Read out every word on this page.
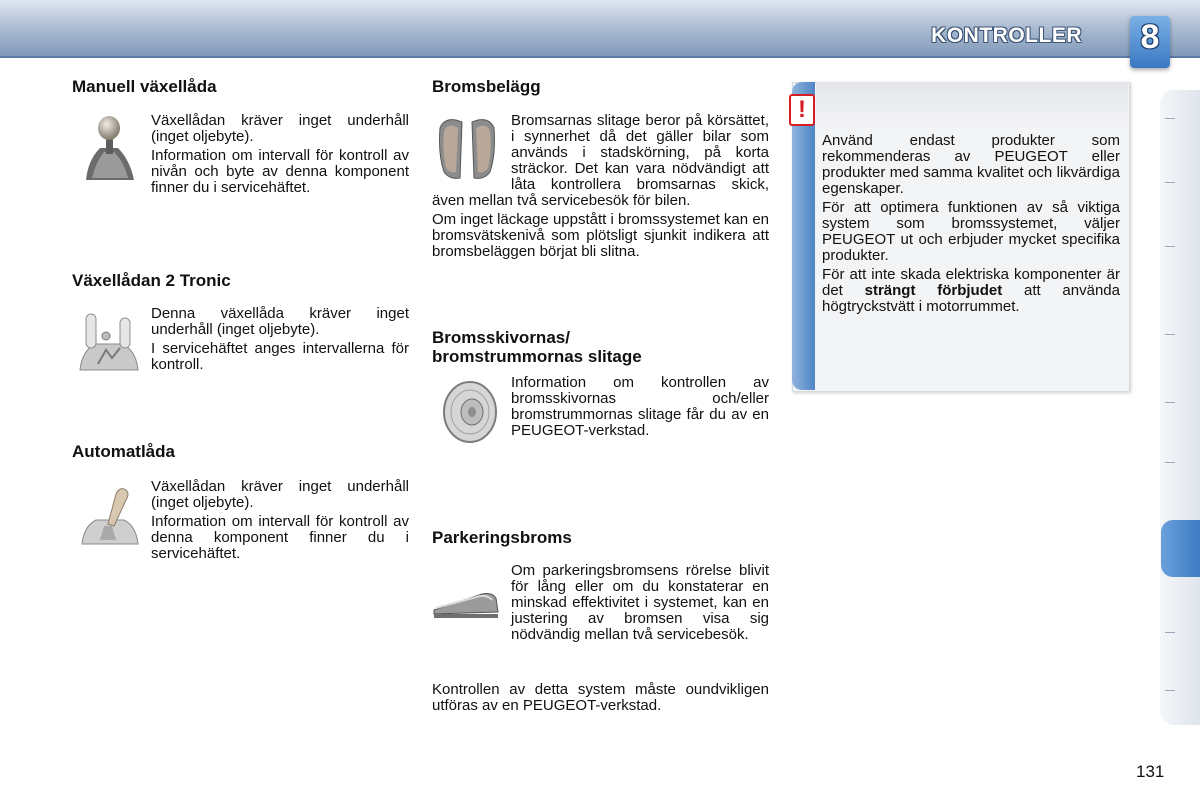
KONTROLLER	8
Manuell växellåda

Växellådan kräver inget underhåll (inget oljebyte).

Information om intervall för kontroll av nivån och byte av denna komponent finner du i servicehäftet.

Växellådan 2 Tronic

Denna växellåda kräver inget underhåll (inget oljebyte).

I servicehäftet anges intervallerna för kontroll.

Automatlåda

Växellådan kräver inget underhåll (inget oljebyte).

Information om intervall för kontroll av denna komponent finner du i servicehäftet.

Bromsbelägg

Bromsarnas slitage beror på körsättet, i synnerhet då det gäller bilar som används i stadskörning, på korta sträckor. Det kan vara nödvändigt att låta kontrollera bromsarnas skick, även mellan två servicebesök för bilen.

Om inget läckage uppstått i bromssystemet kan en bromsvätskenivå som plötsligt sjunkit indikera att bromsbeläggen börjat bli slitna.

Bromsskivornas/
bromstrummornas slitage

Information om kontrollen av bromsskivornas och/eller bromstrummornas slitage får du av en PEUGEOT-verkstad.

Parkeringsbroms

Om parkeringsbromsens rörelse blivit för lång eller om du konstaterar en minskad effektivitet i systemet, kan en justering av bromsen visa sig nödvändig mellan två servicebesök.

Kontrollen av detta system måste oundvikligen utföras av en PEUGEOT-verkstad.

!

Använd endast produkter som rekommenderas av PEUGEOT eller produkter med samma kvalitet och likvärdiga egenskaper.

För att optimera funktionen av så viktiga system som bromssystemet, väljer PEUGEOT ut och erbjuder mycket specifika produkter.

För att inte skada elektriska komponenter är det strängt förbjudet att använda högtryckstvätt i motorrummet.

131
